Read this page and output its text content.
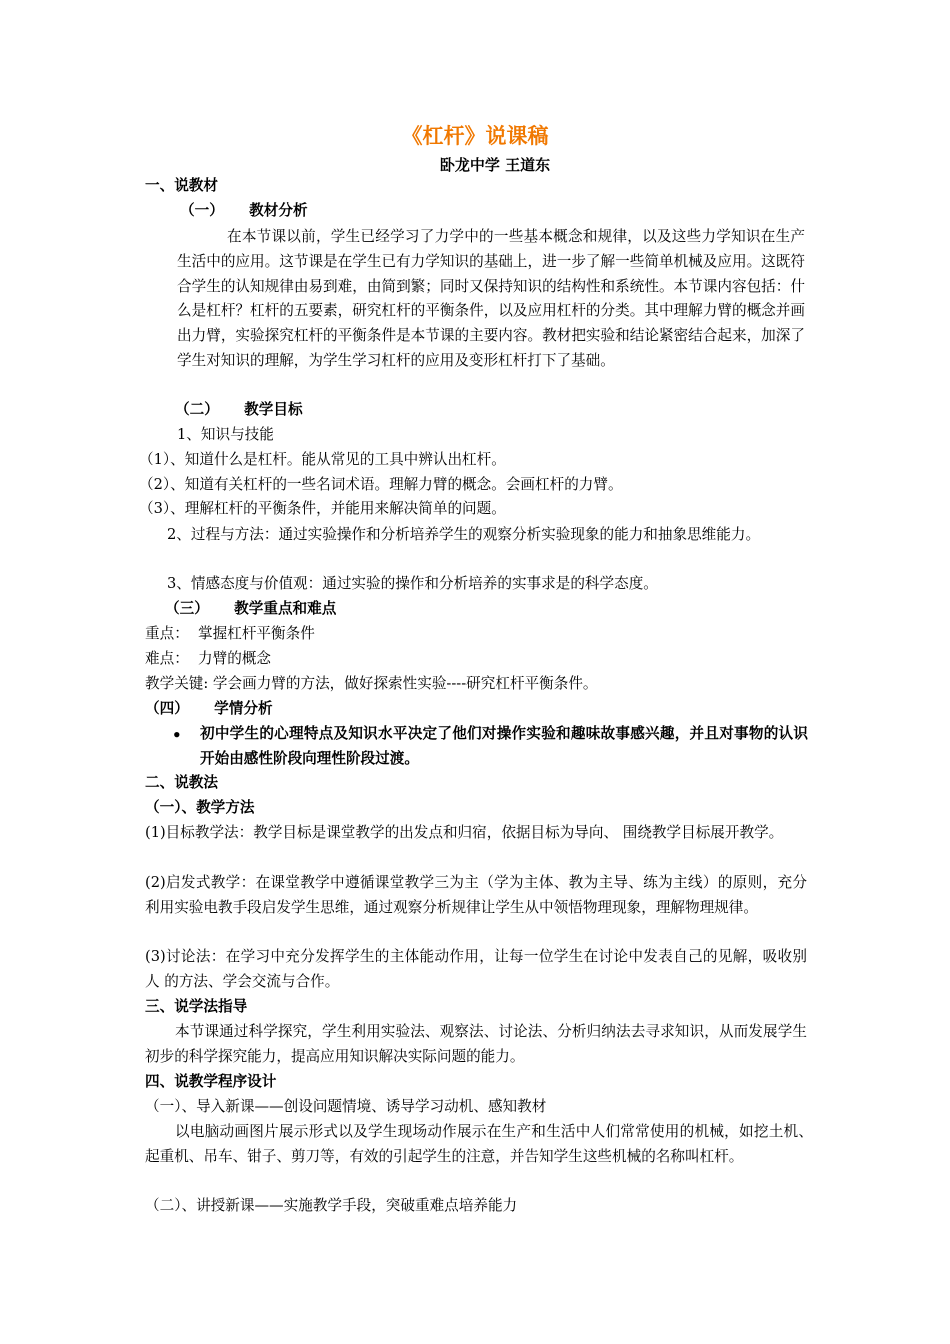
《杠杆》说课稿
卧龙中学 王道东
一、说教材
（一）     教材分析
在本节课以前，学生已经学习了力学中的一些基本概念和规律，以及这些力学知识在生产生活中的应用。这节课是在学生已有力学知识的基础上，进一步了解一些简单机械及应用。这既符合学生的认知规律由易到难，由简到繁；同时又保持知识的结构性和系统性。本节课内容包括：什么是杠杆？杠杆的五要素，研究杠杆的平衡条件，以及应用杠杆的分类。其中理解力臂的概念并画出力臂，实验探究杠杆的平衡条件是本节课的主要内容。教材把实验和结论紧密结合起来，加深了学生对知识的理解，为学生学习杠杆的应用及变形杠杆打下了基础。
（二）     教学目标
1、知识与技能
（1）、知道什么是杠杆。能从常见的工具中辨认出杠杆。
（2）、知道有关杠杆的一些名词术语。理解力臂的概念。会画杠杆的力臂。
（3）、理解杠杆的平衡条件，并能用来解决简单的问题。
2、过程与方法：通过实验操作和分析培养学生的观察分析实验现象的能力和抽象思维能力。
3、情感态度与价值观：通过实验的操作和分析培养的实事求是的科学态度。
（三）     教学重点和难点
重点：  掌握杠杆平衡条件
难点：  力臂的概念
教学关键: 学会画力臂的方法，做好探索性实验----研究杠杆平衡条件。
（四）     学情分析
• 初中学生的心理特点及知识水平决定了他们对操作实验和趣味故事感兴趣，并且对事物的认识开始由感性阶段向理性阶段过渡。
二、说教法
（一）、教学方法
(1)目标教学法：教学目标是课堂教学的出发点和归宿，依据目标为导向、 围绕教学目标展开教学。
(2)启发式教学：在课堂教学中遵循课堂教学三为主（学为主体、教为主导、练为主线）的原则，充分利用实验电教手段启发学生思维，通过观察分析规律让学生从中领悟物理现象，理解物理规律。
(3)讨论法：在学习中充分发挥学生的主体能动作用，让每一位学生在讨论中发表自己的见解，吸收别人 的方法、学会交流与合作。
三、说学法指导
本节课通过科学探究，学生利用实验法、观察法、讨论法、分析归纳法去寻求知识，从而发展学生初步的科学探究能力，提高应用知识解决实际问题的能力。
四、说教学程序设计
（一）、导入新课——创设问题情境、诱导学习动机、感知教材
以电脑动画图片展示形式以及学生现场动作展示在生产和生活中人们常常使用的机械，如挖土机、起重机、吊车、钳子、剪刀等，有效的引起学生的注意，并告知学生这些机械的名称叫杠杆。
（二）、讲授新课——实施教学手段，突破重难点培养能力
